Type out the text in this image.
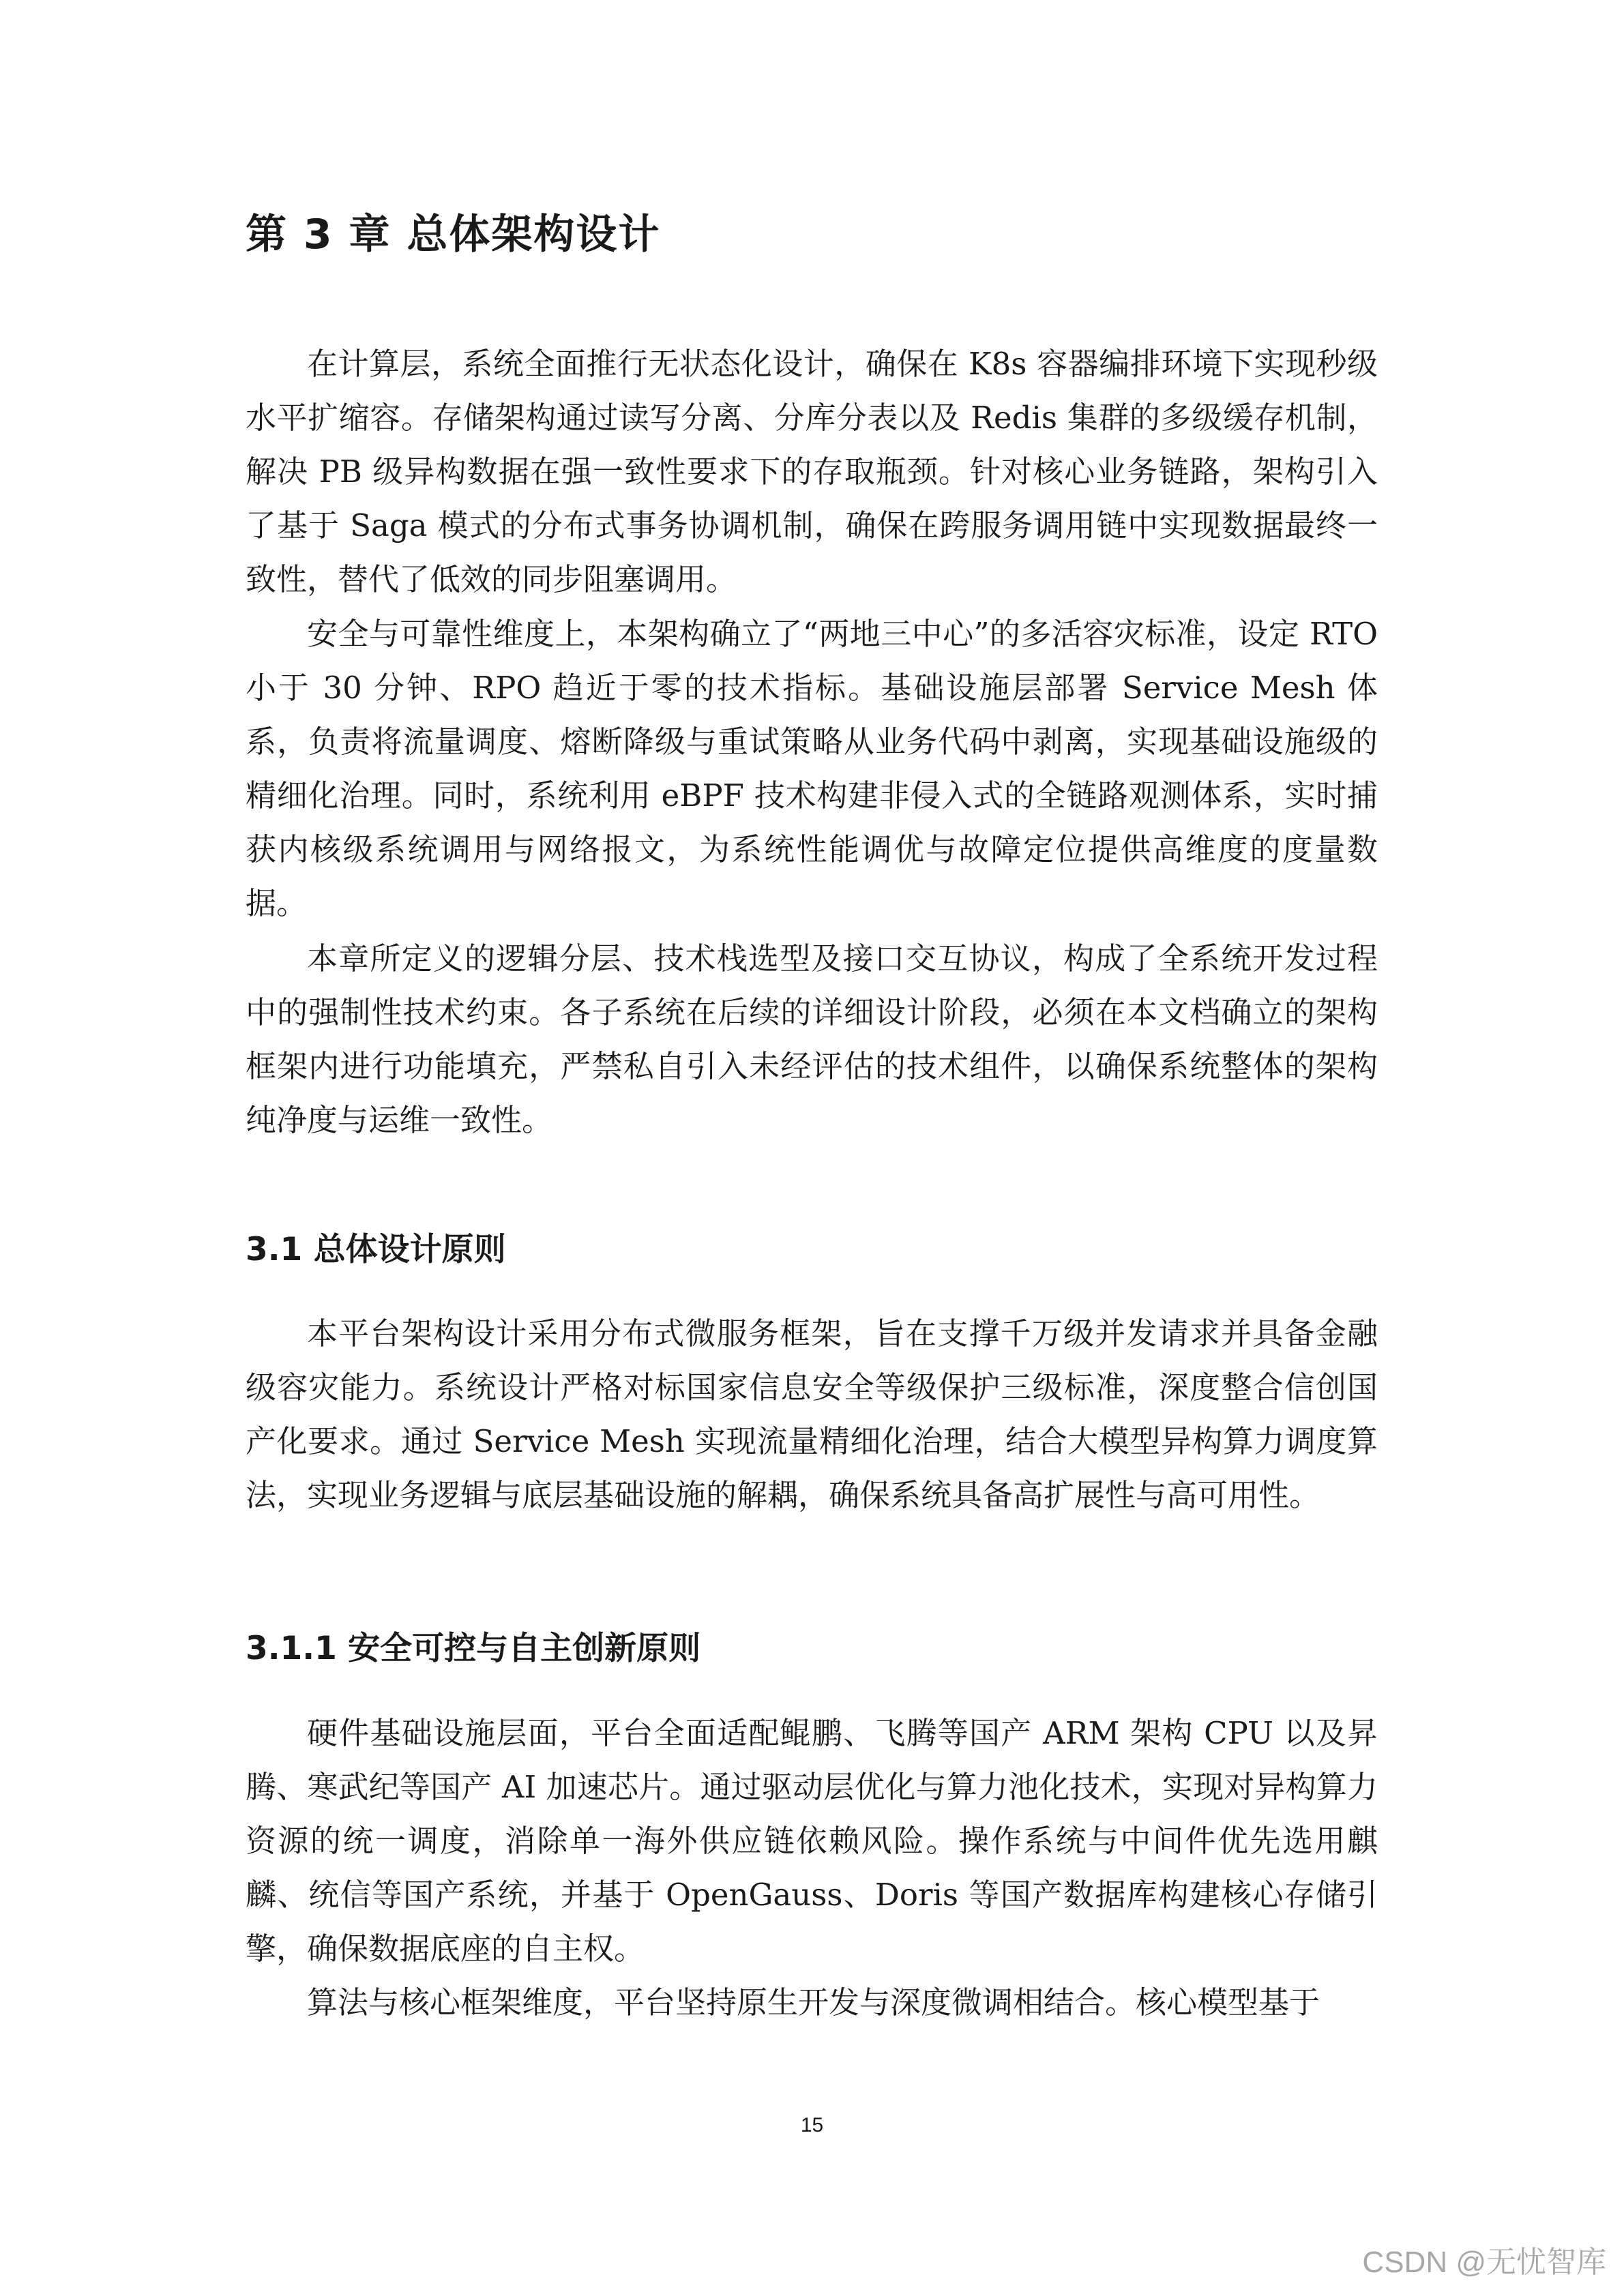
第 3 章 总体架构设计

在计算层，系统全面推行无状态化设计，确保在 K8s 容器编排环境下实现秒级水平扩缩容。存储架构通过读写分离、分库分表以及 Redis 集群的多级缓存机制，解决 PB 级异构数据在强一致性要求下的存取瓶颈。针对核心业务链路，架构引入了基于 Saga 模式的分布式事务协调机制，确保在跨服务调用链中实现数据最终一致性，替代了低效的同步阻塞调用。

安全与可靠性维度上，本架构确立了“两地三中心”的多活容灾标准，设定 RTO 小于 30 分钟、RPO 趋近于零的技术指标。基础设施层部署 Service Mesh 体系，负责将流量调度、熔断降级与重试策略从业务代码中剥离，实现基础设施级的精细化治理。同时，系统利用 eBPF 技术构建非侵入式的全链路观测体系，实时捕获内核级系统调用与网络报文，为系统性能调优与故障定位提供高维度的度量数据。

本章所定义的逻辑分层、技术栈选型及接口交互协议，构成了全系统开发过程中的强制性技术约束。各子系统在后续的详细设计阶段，必须在本文档确立的架构框架内进行功能填充，严禁私自引入未经评估的技术组件，以确保系统整体的架构纯净度与运维一致性。

3.1 总体设计原则

本平台架构设计采用分布式微服务框架，旨在支撑千万级并发请求并具备金融级容灾能力。系统设计严格对标国家信息安全等级保护三级标准，深度整合信创国产化要求。通过 Service Mesh 实现流量精细化治理，结合大模型异构算力调度算法，实现业务逻辑与底层基础设施的解耦，确保系统具备高扩展性与高可用性。

3.1.1 安全可控与自主创新原则

硬件基础设施层面，平台全面适配鲲鹏、飞腾等国产 ARM 架构 CPU 以及昇腾、寒武纪等国产 AI 加速芯片。通过驱动层优化与算力池化技术，实现对异构算力资源的统一调度，消除单一海外供应链依赖风险。操作系统与中间件优先选用麒麟、统信等国产系统，并基于 OpenGauss、Doris 等国产数据库构建核心存储引擎，确保数据底座的自主权。

算法与核心框架维度，平台坚持原生开发与深度微调相结合。核心模型基于

15
CSDN @无忧智库
